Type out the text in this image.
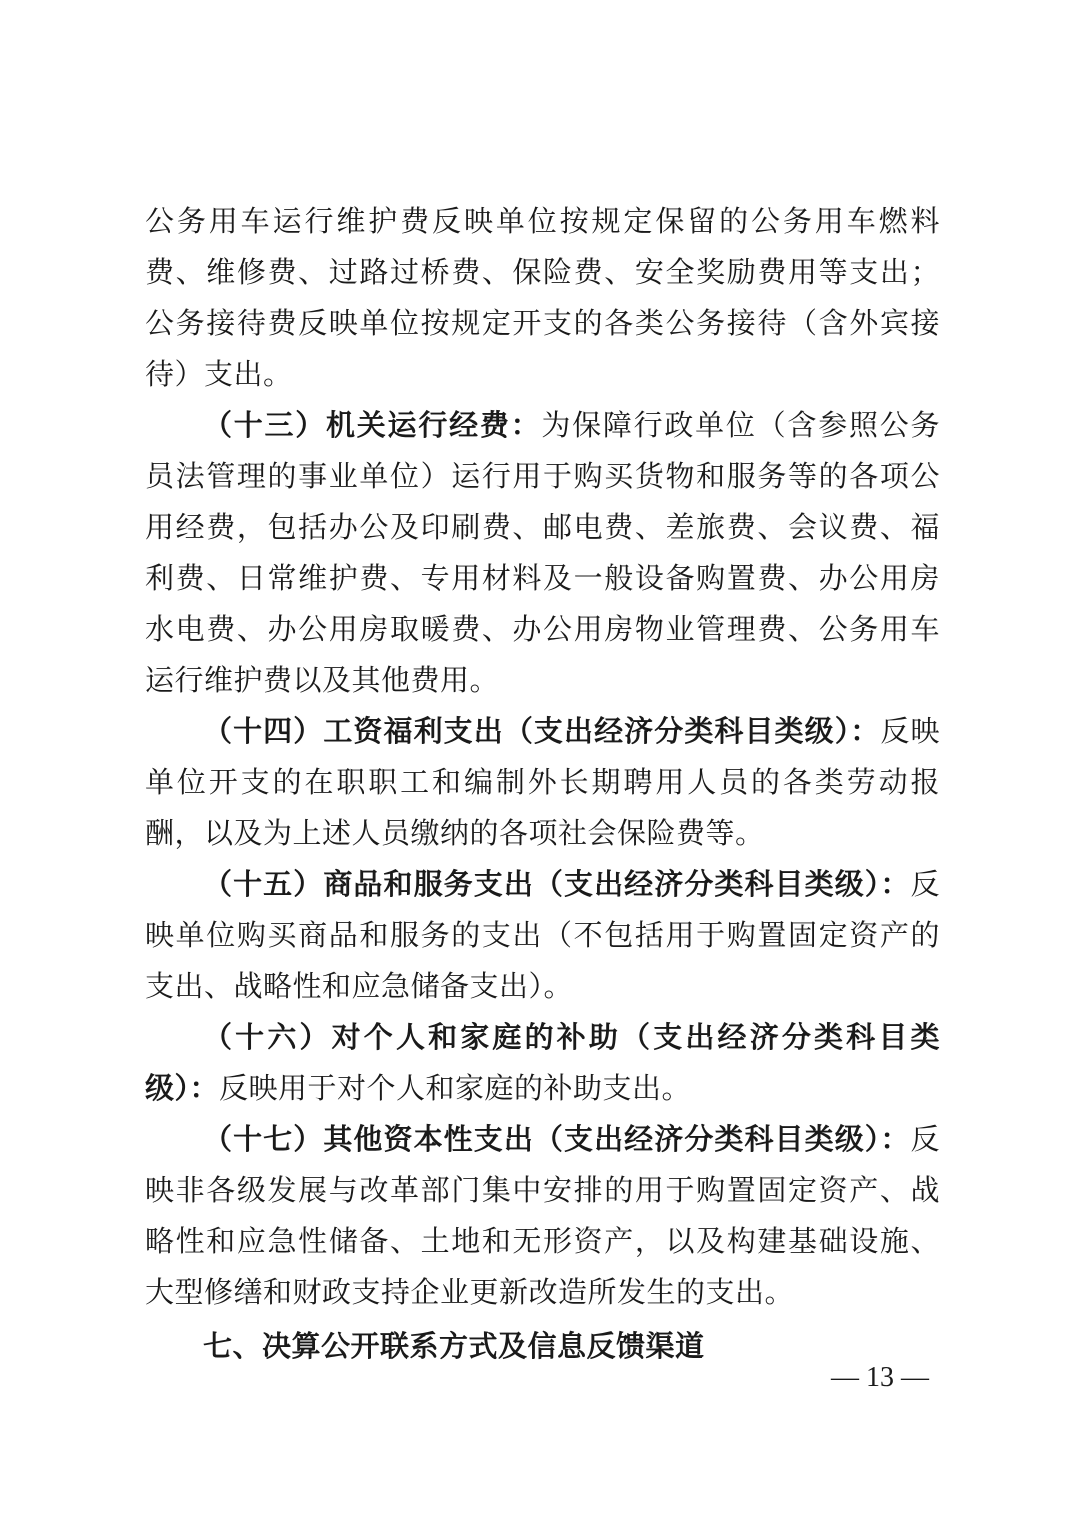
公务用车运行维护费反映单位按规定保留的公务用车燃料费、维修费、过路过桥费、保险费、安全奖励费用等支出；公务接待费反映单位按规定开支的各类公务接待（含外宾接待）支出。

（十三）机关运行经费：为保障行政单位（含参照公务员法管理的事业单位）运行用于购买货物和服务等的各项公用经费，包括办公及印刷费、邮电费、差旅费、会议费、福利费、日常维护费、专用材料及一般设备购置费、办公用房水电费、办公用房取暖费、办公用房物业管理费、公务用车运行维护费以及其他费用。

（十四）工资福利支出（支出经济分类科目类级）：反映单位开支的在职职工和编制外长期聘用人员的各类劳动报酬，以及为上述人员缴纳的各项社会保险费等。

（十五）商品和服务支出（支出经济分类科目类级）：反映单位购买商品和服务的支出（不包括用于购置固定资产的支出、战略性和应急储备支出）。

（十六）对个人和家庭的补助（支出经济分类科目类级）：反映用于对个人和家庭的补助支出。

（十七）其他资本性支出（支出经济分类科目类级）：反映非各级发展与改革部门集中安排的用于购置固定资产、战略性和应急性储备、土地和无形资产，以及构建基础设施、大型修缮和财政支持企业更新改造所发生的支出。

七、决算公开联系方式及信息反馈渠道

— 13 —
